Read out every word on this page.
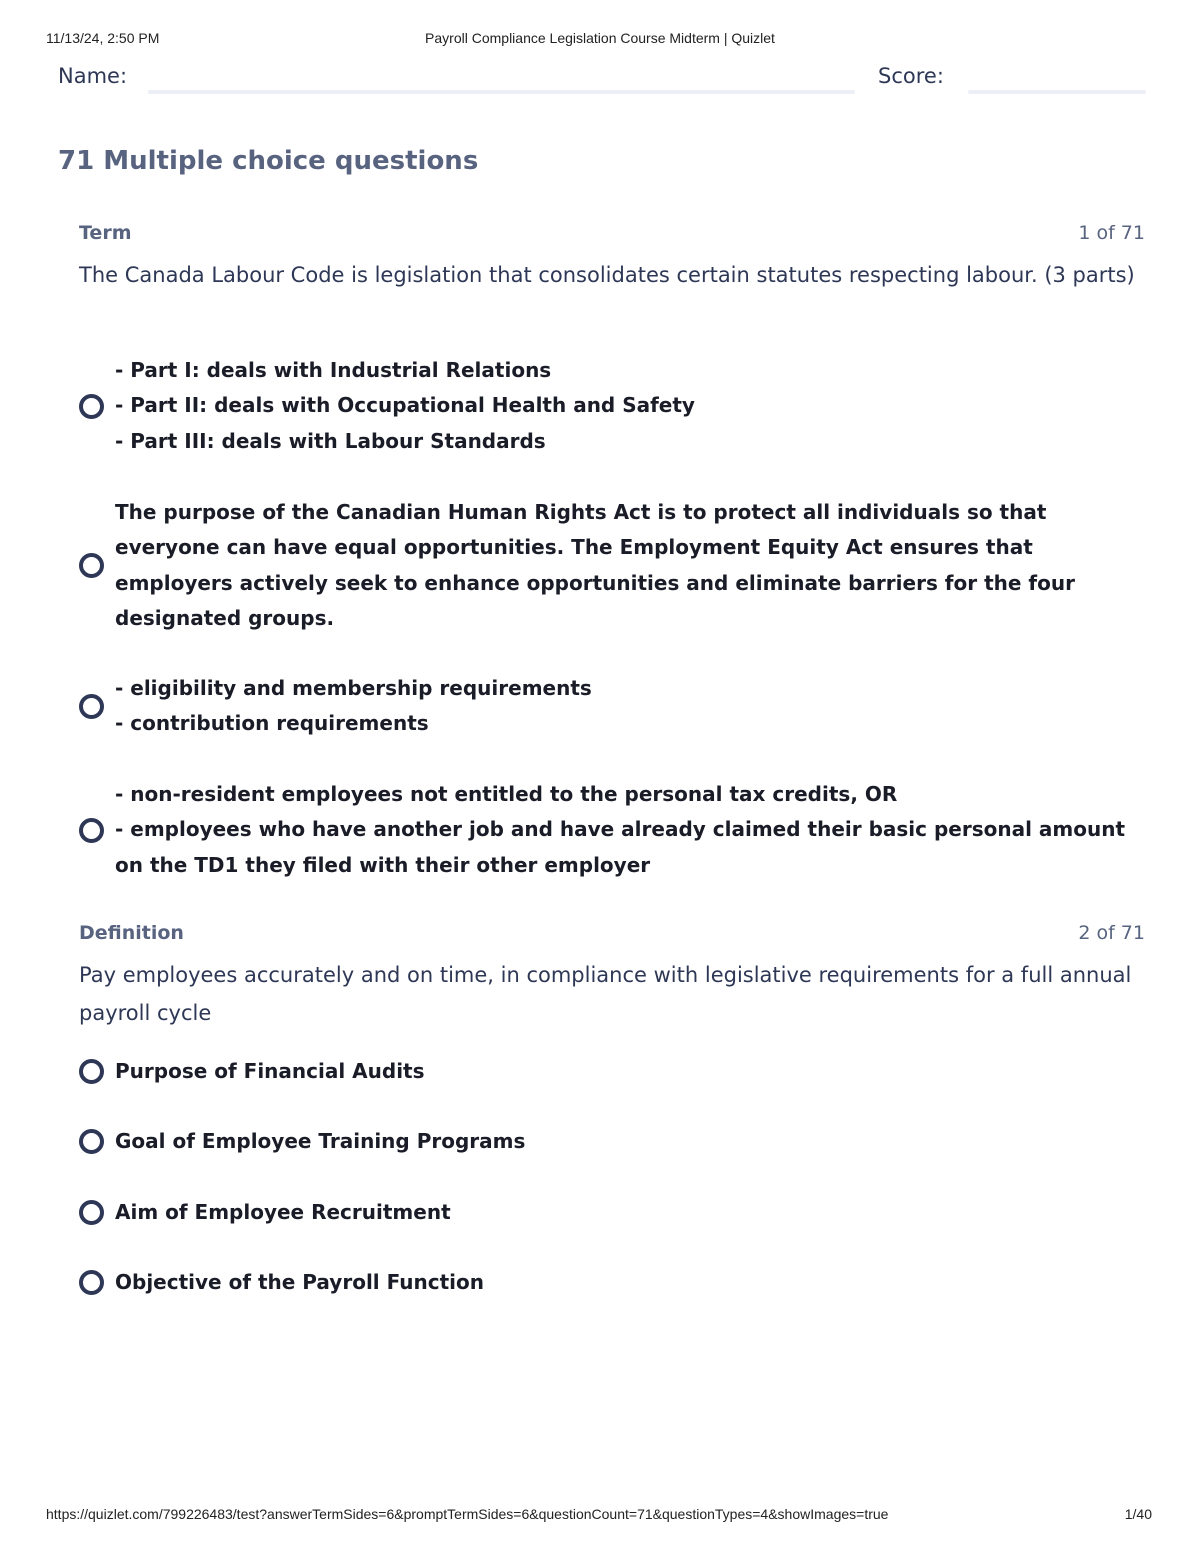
11/13/24, 2:50 PM	Payroll Compliance Legislation Course Midterm | Quizlet
Name:	Score:
71 Multiple choice questions
Term	1 of 71
The Canada Labour Code is legislation that consolidates certain statutes respecting labour. (3 parts)
- Part I: deals with Industrial Relations
- Part II: deals with Occupational Health and Safety
- Part III: deals with Labour Standards
The purpose of the Canadian Human Rights Act is to protect all individuals so that everyone can have equal opportunities. The Employment Equity Act ensures that employers actively seek to enhance opportunities and eliminate barriers for the four designated groups.
- eligibility and membership requirements
- contribution requirements
- non-resident employees not entitled to the personal tax credits, OR
- employees who have another job and have already claimed their basic personal amount on the TD1 they filed with their other employer
Definition	2 of 71
Pay employees accurately and on time, in compliance with legislative requirements for a full annual payroll cycle
Purpose of Financial Audits
Goal of Employee Training Programs
Aim of Employee Recruitment
Objective of the Payroll Function
https://quizlet.com/799226483/test?answerTermSides=6&promptTermSides=6&questionCount=71&questionTypes=4&showImages=true	1/40
